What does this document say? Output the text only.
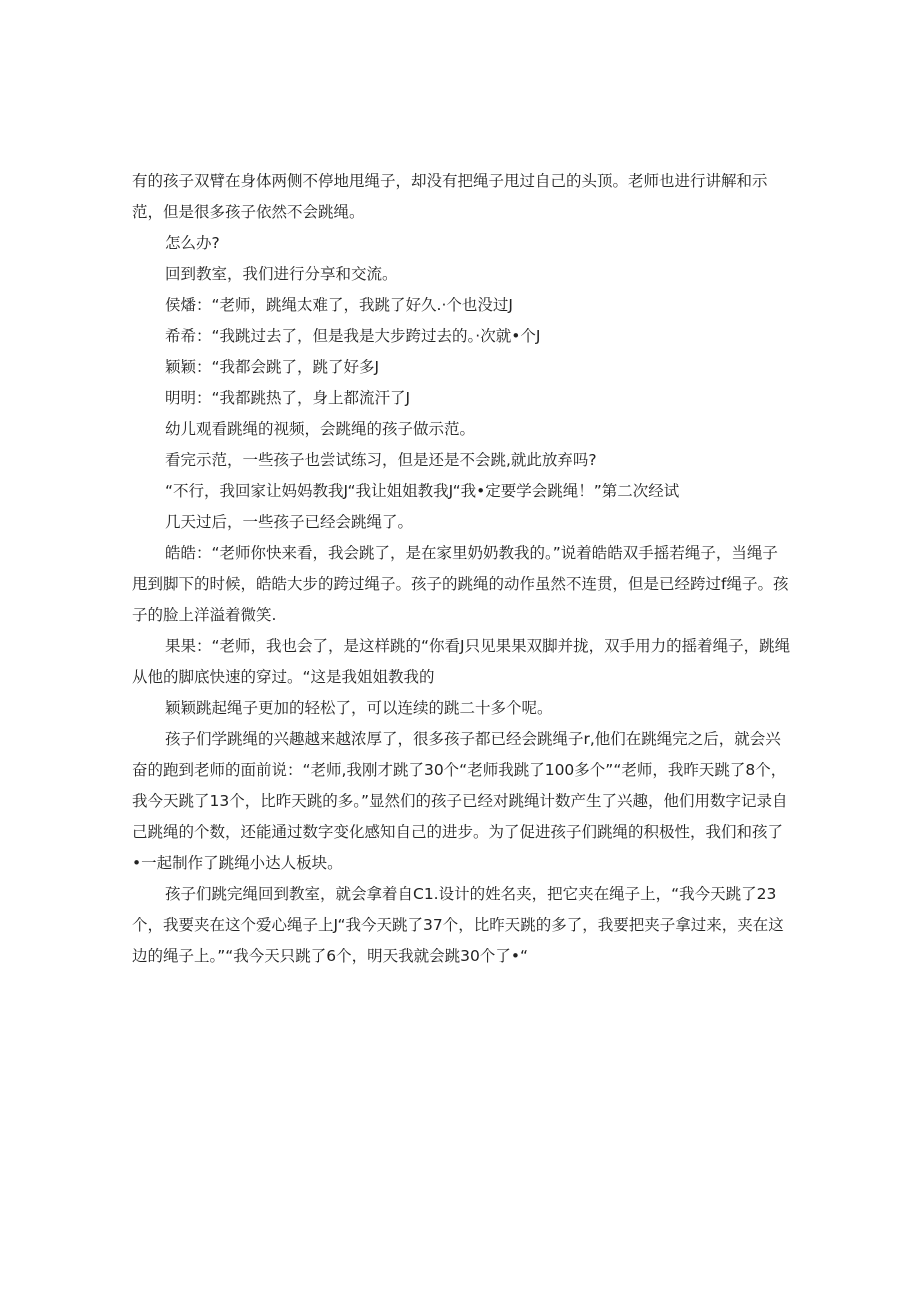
有的孩子双臂在身体两侧不停地甩绳子，却没有把绳子甩过自己的头顶。老师也进行讲解和示范，但是很多孩子依然不会跳绳。

怎么办?

回到教室，我们进行分享和交流。

侯燔：“老师，跳绳太难了，我跳了好久.·个也没过J

希希：“我跳过去了，但是我是大步跨过去的。·次就•个J

颖颖：“我都会跳了，跳了好多J

明明：“我都跳热了，身上都流汗了J

幼儿观看跳绳的视频，会跳绳的孩子做示范。

看完示范，一些孩子也尝试练习，但是还是不会跳,就此放弃吗?

“不行，我回家让妈妈教我J“我让姐姐教我J“我•定要学会跳绳！”第二次经试

几天过后，一些孩子已经会跳绳了。

皓皓：“老师你快来看，我会跳了，是在家里奶奶教我的。”说着皓皓双手摇若绳子，当绳子甩到脚下的时候，皓皓大步的跨过绳子。孩子的跳绳的动作虽然不连贯，但是已经跨过f绳子。孩子的脸上洋溢着微笑.

果果：“老师，我也会了，是这样跳的“你看J只见果果双脚并拢，双手用力的摇着绳子，跳绳从他的脚底快速的穿过。“这是我姐姐教我的

颖颖跳起绳子更加的轻松了，可以连续的跳二十多个呢。

孩子们学跳绳的兴趣越来越浓厚了，很多孩子都已经会跳绳子r,他们在跳绳完之后，就会兴奋的跑到老师的面前说：“老师,我刚才跳了30个“老师我跳了100多个”“老师，我昨天跳了8个，我今天跳了13个，比昨天跳的多。”显然们的孩子已经对跳绳计数产生了兴趣，他们用数字记录自己跳绳的个数，还能通过数字变化感知自己的进步。为了促进孩子们跳绳的积极性，我们和孩了•一起制作了跳绳小达人板块。

孩子们跳完绳回到教室，就会拿着自C1.设计的姓名夹，把它夹在绳子上，“我今天跳了23个，我要夹在这个爱心绳子上J“我今天跳了37个，比昨天跳的多了，我要把夹子拿过来，夹在这边的绳子上。”“我今天只跳了6个，明天我就会跳30个了•“
